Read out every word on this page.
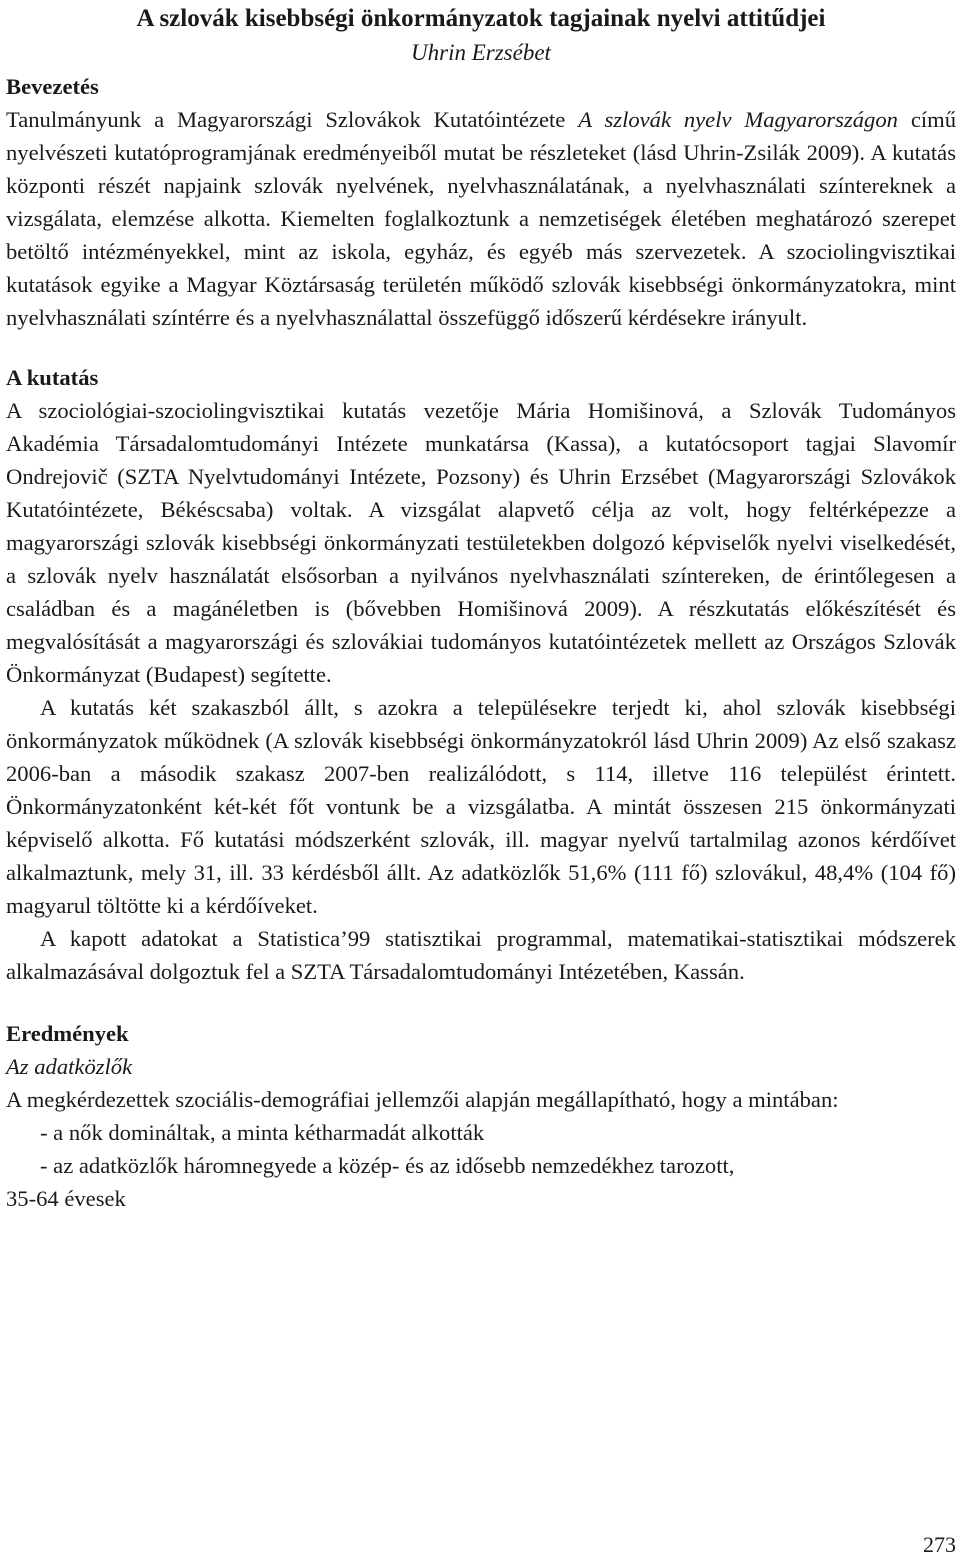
A szlovák kisebbségi önkormányzatok tagjainak nyelvi attitűdjei
Uhrin Erzsébet
Bevezetés

Tanulmányunk a Magyarországi Szlovákok Kutatóintézete A szlovák nyelv Magyarországon című nyelvészeti kutatóprogramjának eredményeiből mutat be részleteket (lásd Uhrin-Zsilák 2009). A kutatás központi részét napjaink szlovák nyelvének, nyelvhasználatának, a nyelvhasználati színtereknek a vizsgálata, elemzése alkotta. Kiemelten foglalkoztunk a nemzetiségek életében meghatározó szerepet betöltő intézményekkel, mint az iskola, egyház, és egyéb más szervezetek. A szociolingvisztikai kutatások egyike a Magyar Köztársaság területén működő szlovák kisebbségi önkormányzatokra, mint nyelvhasználati színtérre és a nyelvhasználattal összefüggő időszerű kérdésekre irányult.

A kutatás

A szociológiai-szociolingvisztikai kutatás vezetője Mária Homišinová, a Szlovák Tudományos Akadémia Társadalomtudományi Intézete munkatársa (Kassa), a kutatócsoport tagjai Slavomír Ondrejovič (SZTA Nyelvtudományi Intézete, Pozsony) és Uhrin Erzsébet (Magyarországi Szlovákok Kutatóintézete, Békéscsaba) voltak. A vizsgálat alapvető célja az volt, hogy feltérképezze a magyarországi szlovák kisebbségi önkormányzati testületekben dolgozó képviselők nyelvi viselkedését, a szlovák nyelv használatát elsősorban a nyilvános nyelvhasználati színtereken, de érintőlegesen a családban és a magánéletben is (bővebben Homišinová 2009). A részkutatás előkészítését és megvalósítását a magyarországi és szlovákiai tudományos kutatóintézetek mellett az Országos Szlovák Önkormányzat (Budapest) segítette.

A kutatás két szakaszból állt, s azokra a településekre terjedt ki, ahol szlovák kisebbségi önkormányzatok működnek (A szlovák kisebbségi önkormányzatokról lásd Uhrin 2009) Az első szakasz 2006-ban a második szakasz 2007-ben realizálódott, s 114, illetve 116 települést érintett. Önkormányzatonként két-két főt vontunk be a vizsgálatba. A mintát összesen 215 önkormányzati képviselő alkotta. Fő kutatási módszerként szlovák, ill. magyar nyelvű tartalmilag azonos kérdőívet alkalmaztunk, mely 31, ill. 33 kérdésből állt. Az adatközlők 51,6% (111 fő) szlovákul, 48,4% (104 fő) magyarul töltötte ki a kérdőíveket.

A kapott adatokat a Statistica’99 statisztikai programmal, matematikai-statisztikai módszerek alkalmazásával dolgoztuk fel a SZTA Társadalomtudományi Intézetében, Kassán.

Eredmények
Az adatközlők

A megkérdezettek szociális-demográfiai jellemzői alapján megállapítható, hogy a mintában:

- a nők domináltak, a minta kétharmadát alkották
- az adatközlők háromnegyede a közép- és az idősebb nemzedékhez tarozott,
35-64 évesek
273
